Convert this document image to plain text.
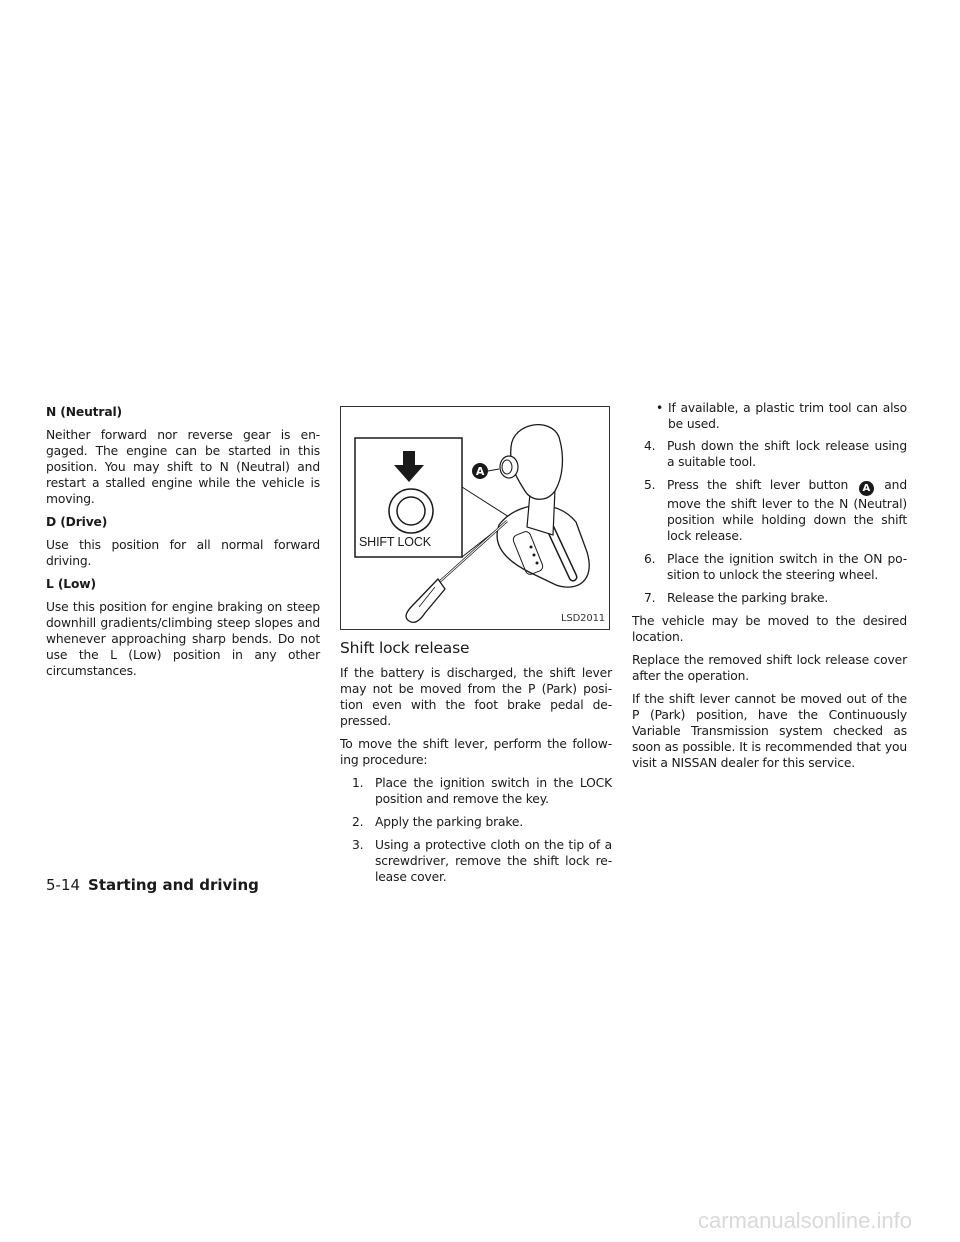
N (Neutral)

Neither forward nor reverse gear is en-gaged. The engine can be started in this position. You may shift to N (Neutral) and restart a stalled engine while the vehicle is moving.

D (Drive)

Use this position for all normal forward driving.

L (Low)

Use this position for engine braking on steep downhill gradients/climbing steep slopes and whenever approaching sharp bends. Do not use the L (Low) position in any other circumstances.

A
SHIFT LOCK
LSD2011
Shift lock release

If the battery is discharged, the shift lever may not be moved from the P (Park) posi-tion even with the foot brake pedal de-pressed.

To move the shift lever, perform the follow-ing procedure:

1. Place the ignition switch in the LOCK position and remove the key.
2. Apply the parking brake.
3. Using a protective cloth on the tip of a screwdriver, remove the shift lock re-lease cover.
• If available, a plastic trim tool can also be used.
4. Push down the shift lock release using a suitable tool.
5. Press the shift lever button A and move the shift lever to the N (Neutral) position while holding down the shift lock release.
6. Place the ignition switch in the ON po-sition to unlock the steering wheel.
7. Release the parking brake.

The vehicle may be moved to the desired location.

Replace the removed shift lock release cover after the operation.

If the shift lever cannot be moved out of the P (Park) position, have the Continuously Variable Transmission system checked as soon as possible. It is recommended that you visit a NISSAN dealer for this service.

5-14 Starting and driving
carmanualsonline.info
